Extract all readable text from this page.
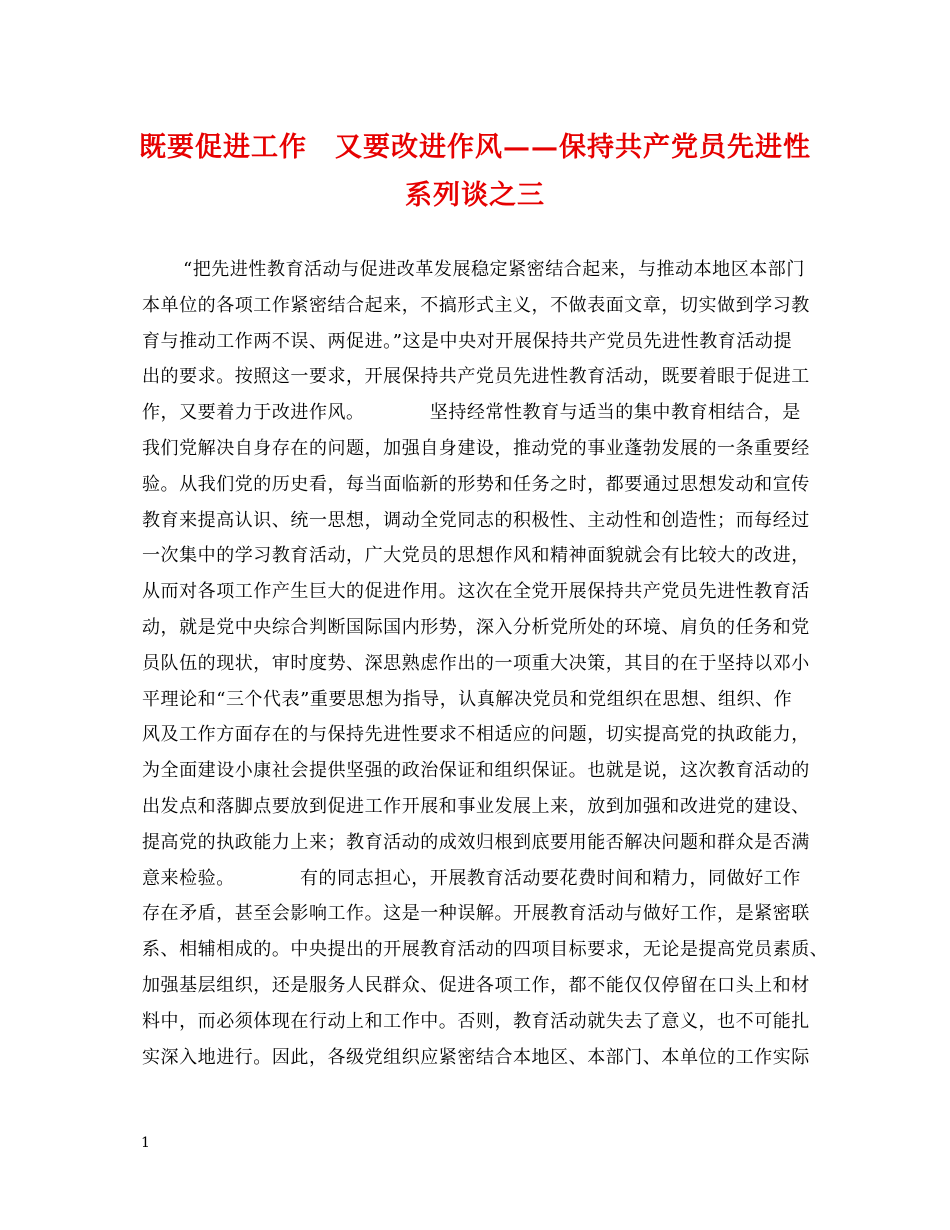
既要促进工作　又要改进作风——保持共产党员先进性
系列谈之三
“把先进性教育活动与促进改革发展稳定紧密结合起来，与推动本地区本部门
本单位的各项工作紧密结合起来，不搞形式主义，不做表面文章，切实做到学习教
育与推动工作两不误、两促进。”这是中央对开展保持共产党员先进性教育活动提
出的要求。按照这一要求，开展保持共产党员先进性教育活动，既要着眼于促进工
作，又要着力于改进作风。　　　　坚持经常性教育与适当的集中教育相结合，是
我们党解决自身存在的问题，加强自身建设，推动党的事业蓬勃发展的一条重要经
验。从我们党的历史看，每当面临新的形势和任务之时，都要通过思想发动和宣传
教育来提高认识、统一思想，调动全党同志的积极性、主动性和创造性；而每经过
一次集中的学习教育活动，广大党员的思想作风和精神面貌就会有比较大的改进，
从而对各项工作产生巨大的促进作用。这次在全党开展保持共产党员先进性教育活
动，就是党中央综合判断国际国内形势，深入分析党所处的环境、肩负的任务和党
员队伍的现状，审时度势、深思熟虑作出的一项重大决策，其目的在于坚持以邓小
平理论和“三个代表”重要思想为指导，认真解决党员和党组织在思想、组织、作
风及工作方面存在的与保持先进性要求不相适应的问题，切实提高党的执政能力，
为全面建设小康社会提供坚强的政治保证和组织保证。也就是说，这次教育活动的
出发点和落脚点要放到促进工作开展和事业发展上来，放到加强和改进党的建设、
提高党的执政能力上来；教育活动的成效归根到底要用能否解决问题和群众是否满
意来检验。　　　　有的同志担心，开展教育活动要花费时间和精力，同做好工作
存在矛盾，甚至会影响工作。这是一种误解。开展教育活动与做好工作，是紧密联
系、相辅相成的。中央提出的开展教育活动的四项目标要求，无论是提高党员素质、
加强基层组织，还是服务人民群众、促进各项工作，都不能仅仅停留在口头上和材
料中，而必须体现在行动上和工作中。否则，教育活动就失去了意义，也不可能扎
实深入地进行。因此，各级党组织应紧密结合本地区、本部门、本单位的工作实际
1
